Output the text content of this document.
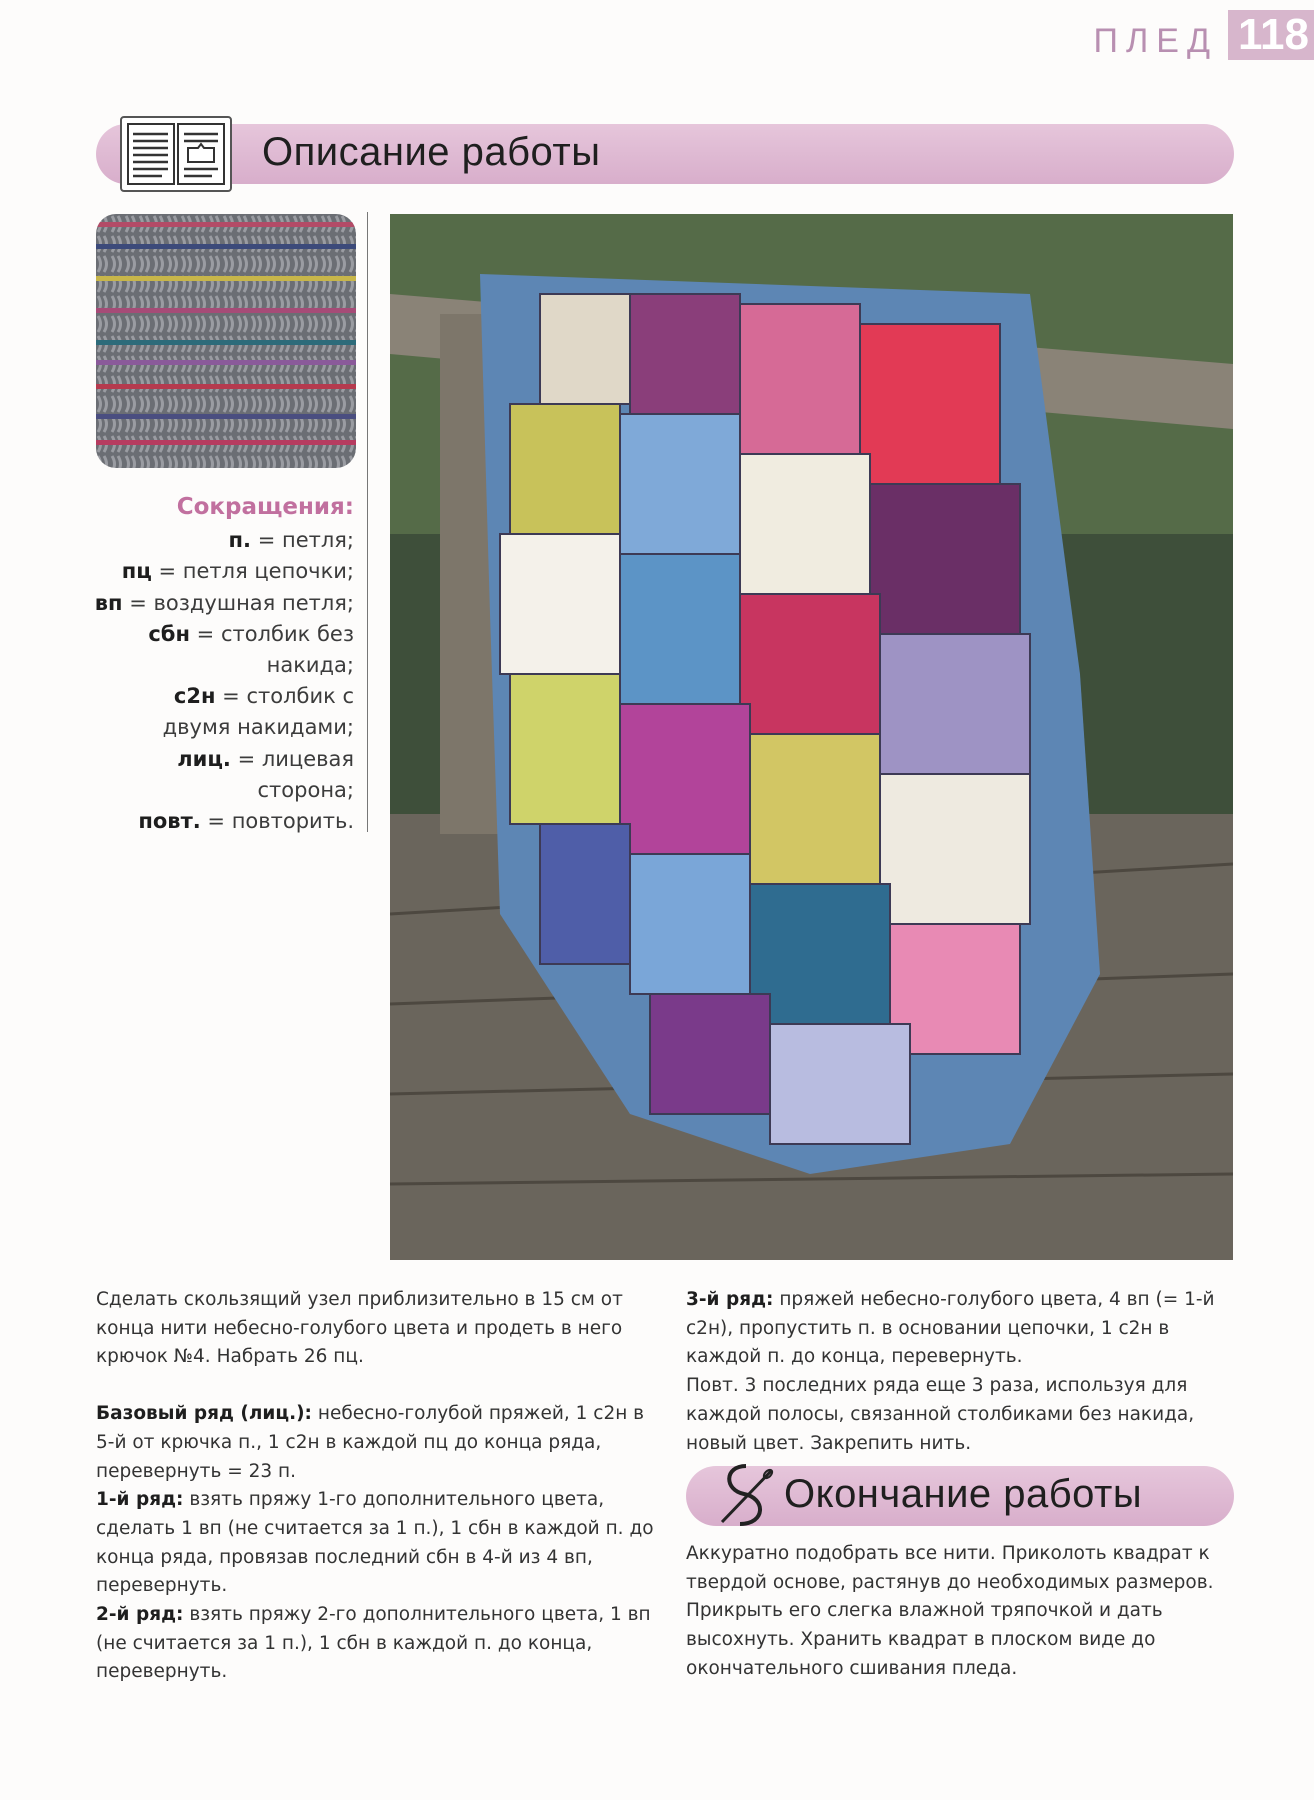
ПЛЕД 118
Описание работы
Сокращения:
п. = петля;
пц = петля цепочки;
вп = воздушная петля;
сбн = столбик без накида;
с2н = столбик с двумя накидами;
лиц. = лицевая сторона;
повт. = повторить.

Сделать скользящий узел приблизительно в 15 см от конца нити небесно-голубого цвета и продеть в него крючок №4. Набрать 26 пц.

Базовый ряд (лиц.): небесно-голубой пряжей, 1 с2н в 5-й от крючка п., 1 с2н в каждой пц до конца ряда, перевернуть = 23 п.

1-й ряд: взять пряжу 1-го дополнительного цвета, сделать 1 вп (не считается за 1 п.), 1 сбн в каждой п. до конца ряда, провязав последний сбн в 4-й из 4 вп, перевернуть.

2-й ряд: взять пряжу 2-го дополнительного цвета, 1 вп (не считается за 1 п.), 1 сбн в каждой п. до конца, перевернуть.

3-й ряд: пряжей небесно-голубого цвета, 4 вп (= 1-й с2н), пропустить п. в основании цепочки, 1 с2н в каждой п. до конца, перевернуть.

Повт. 3 последних ряда еще 3 раза, используя для каждой полосы, связанной столбиками без накида, новый цвет. Закрепить нить.

Окончание работы
Аккуратно подобрать все нити. Приколоть квадрат к твердой основе, растянув до необходимых размеров. Прикрыть его слегка влажной тряпочкой и дать высохнуть. Хранить квадрат в плоском виде до окончательного сшивания пледа.
